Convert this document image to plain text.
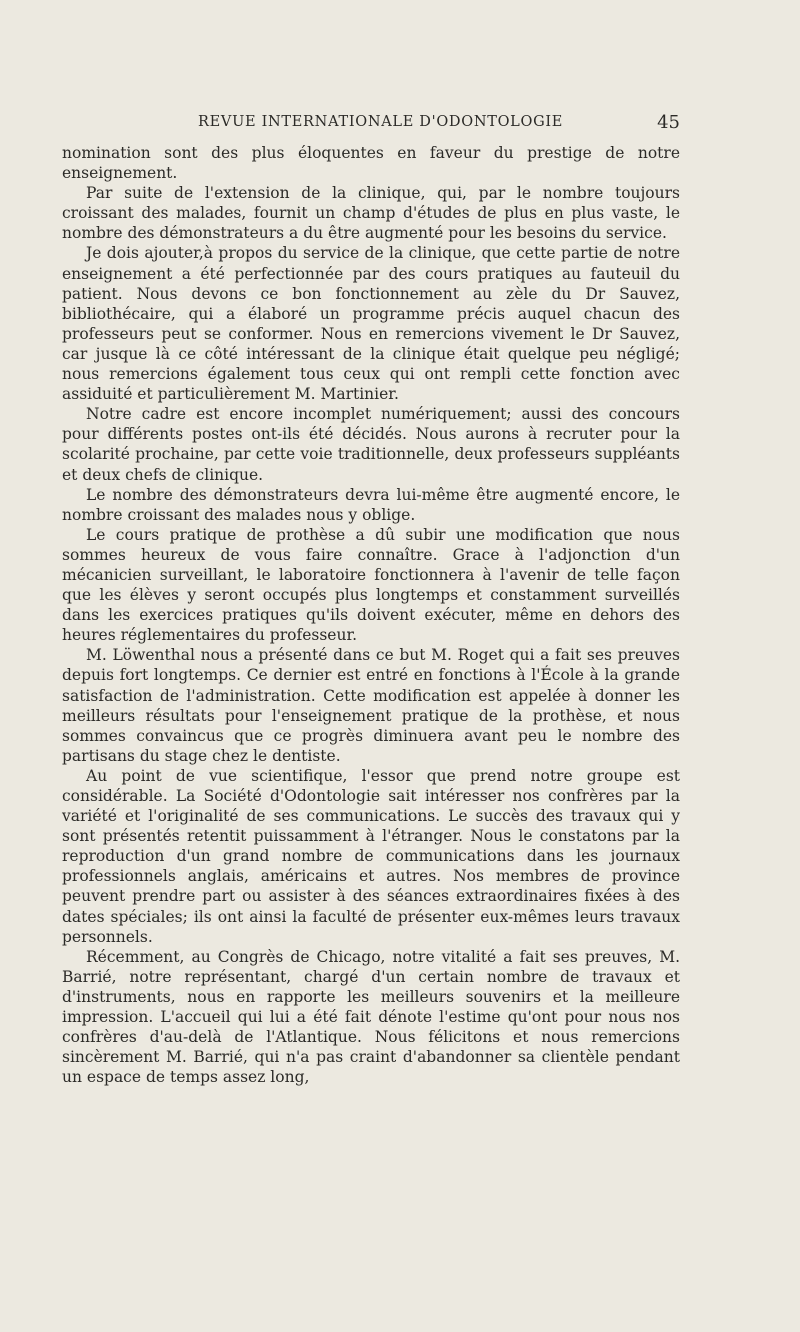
REVUE INTERNATIONALE D'ODONTOLOGIE	45

nomination sont des plus éloquentes en faveur du prestige de notre enseignement.

Par suite de l'extension de la clinique, qui, par le nombre toujours croissant des malades, fournit un champ d'études de plus en plus vaste, le nombre des démonstrateurs a du être augmenté pour les besoins du service.

Je dois ajouter,à propos du service de la clinique, que cette partie de notre enseignement a été perfectionnée par des cours pratiques au fauteuil du patient. Nous devons ce bon fonctionnement au zèle du Dr Sauvez, bibliothécaire, qui a élaboré un programme précis auquel chacun des professeurs peut se conformer. Nous en remercions vivement le Dr Sauvez, car jusque là ce côté intéressant de la clinique était quelque peu négligé; nous remercions également tous ceux qui ont rempli cette fonction avec assiduité et particulièrement M. Martinier.

Notre cadre est encore incomplet numériquement; aussi des concours pour différents postes ont-ils été décidés. Nous aurons à recruter pour la scolarité prochaine, par cette voie traditionnelle, deux professeurs suppléants et deux chefs de clinique.

Le nombre des démonstrateurs devra lui-même être augmenté encore, le nombre croissant des malades nous y oblige.

Le cours pratique de prothèse a dû subir une modification que nous sommes heureux de vous faire connaître. Grace à l'adjonction d'un mécanicien surveillant, le laboratoire fonctionnera à l'avenir de telle façon que les élèves y seront occupés plus longtemps et constamment surveillés dans les exercices pratiques qu'ils doivent exécuter, même en dehors des heures réglementaires du professeur.

M. Löwenthal nous a présenté dans ce but M. Roget qui a fait ses preuves depuis fort longtemps. Ce dernier est entré en fonctions à l'École à la grande satisfaction de l'administration. Cette modification est appelée à donner les meilleurs résultats pour l'enseignement pratique de la prothèse, et nous sommes convaincus que ce progrès diminuera avant peu le nombre des partisans du stage chez le dentiste.

Au point de vue scientifique, l'essor que prend notre groupe est considérable. La Société d'Odontologie sait intéresser nos confrères par la variété et l'originalité de ses communications. Le succès des travaux qui y sont présentés retentit puissamment à l'étranger. Nous le constatons par la reproduction d'un grand nombre de communications dans les journaux professionnels anglais, américains et autres. Nos membres de province peuvent prendre part ou assister à des séances extraordinaires fixées à des dates spéciales; ils ont ainsi la faculté de présenter eux-mêmes leurs travaux personnels.

Récemment, au Congrès de Chicago, notre vitalité a fait ses preuves, M. Barrié, notre représentant, chargé d'un certain nombre de travaux et d'instruments, nous en rapporte les meilleurs souvenirs et la meilleure impression. L'accueil qui lui a été fait dénote l'estime qu'ont pour nous nos confrères d'au-delà de l'Atlantique. Nous félicitons et nous remercions sincèrement M. Barrié, qui n'a pas craint d'abandonner sa clientèle pendant un espace de temps assez long,
